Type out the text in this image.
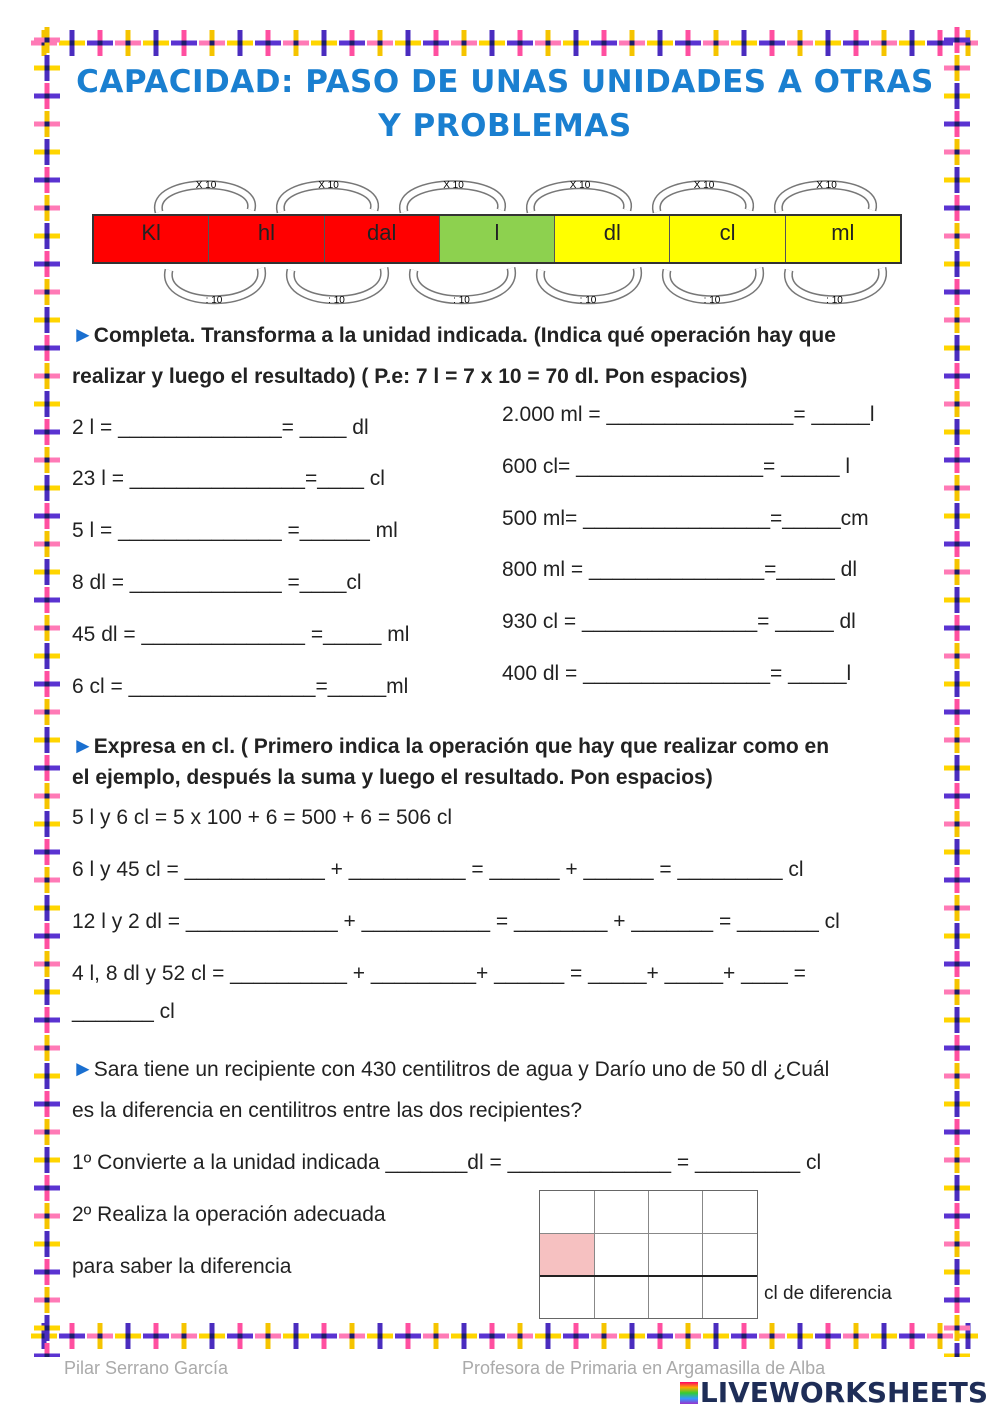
CAPACIDAD: PASO DE UNAS UNIDADES A OTRAS
Y PROBLEMAS
Kl	hl	dal	l	dl	cl	ml
X 10
: 10
X 10
: 10
X 10
: 10
X 10
: 10
X 10
: 10
X 10
: 10
►Completa. Transforma a la unidad indicada. (Indica qué operación hay que
realizar y luego el resultado) ( P.e: 7 l = 7 x 10 = 70 dl. Pon espacios)
2 l = ______________= ____ dl
23 l = _______________=____ cl
5 l = ______________ =______ ml
8 dl = _____________ =____cl
45 dl = ______________ =_____ ml
6 cl = ________________=_____ml
2.000 ml = ________________= _____l
600 cl= ________________= _____ l
500 ml= ________________=_____cm
800 ml = _______________=_____ dl
930 cl = _______________= _____ dl
400 dl = ________________= _____l
►Expresa en cl. ( Primero indica la operación que hay que realizar como en
el ejemplo, después la suma y luego el resultado. Pon espacios)
5 l y 6 cl = 5 x 100 + 6 = 500 + 6 = 506 cl
6 l y 45 cl = ____________ + __________ = ______ + ______ = _________ cl
12 l y 2 dl = _____________ + ___________ = ________ + _______ = _______ cl
4 l, 8 dl y 52 cl = __________ + _________+ ______ = _____+ _____+ ____ =
_______ cl
►Sara tiene un recipiente con 430 centilitros de agua y Darío uno de 50 dl ¿Cuál
es la diferencia en centilitros entre las dos recipientes?
1º Convierte a la unidad indicada _______dl = ______________ = _________ cl
2º Realiza la operación adecuada
para saber la diferencia
cl de diferencia
Pilar Serrano García	Profesora de Primaria en Argamasilla de Alba
LIVEWORKSHEETS
